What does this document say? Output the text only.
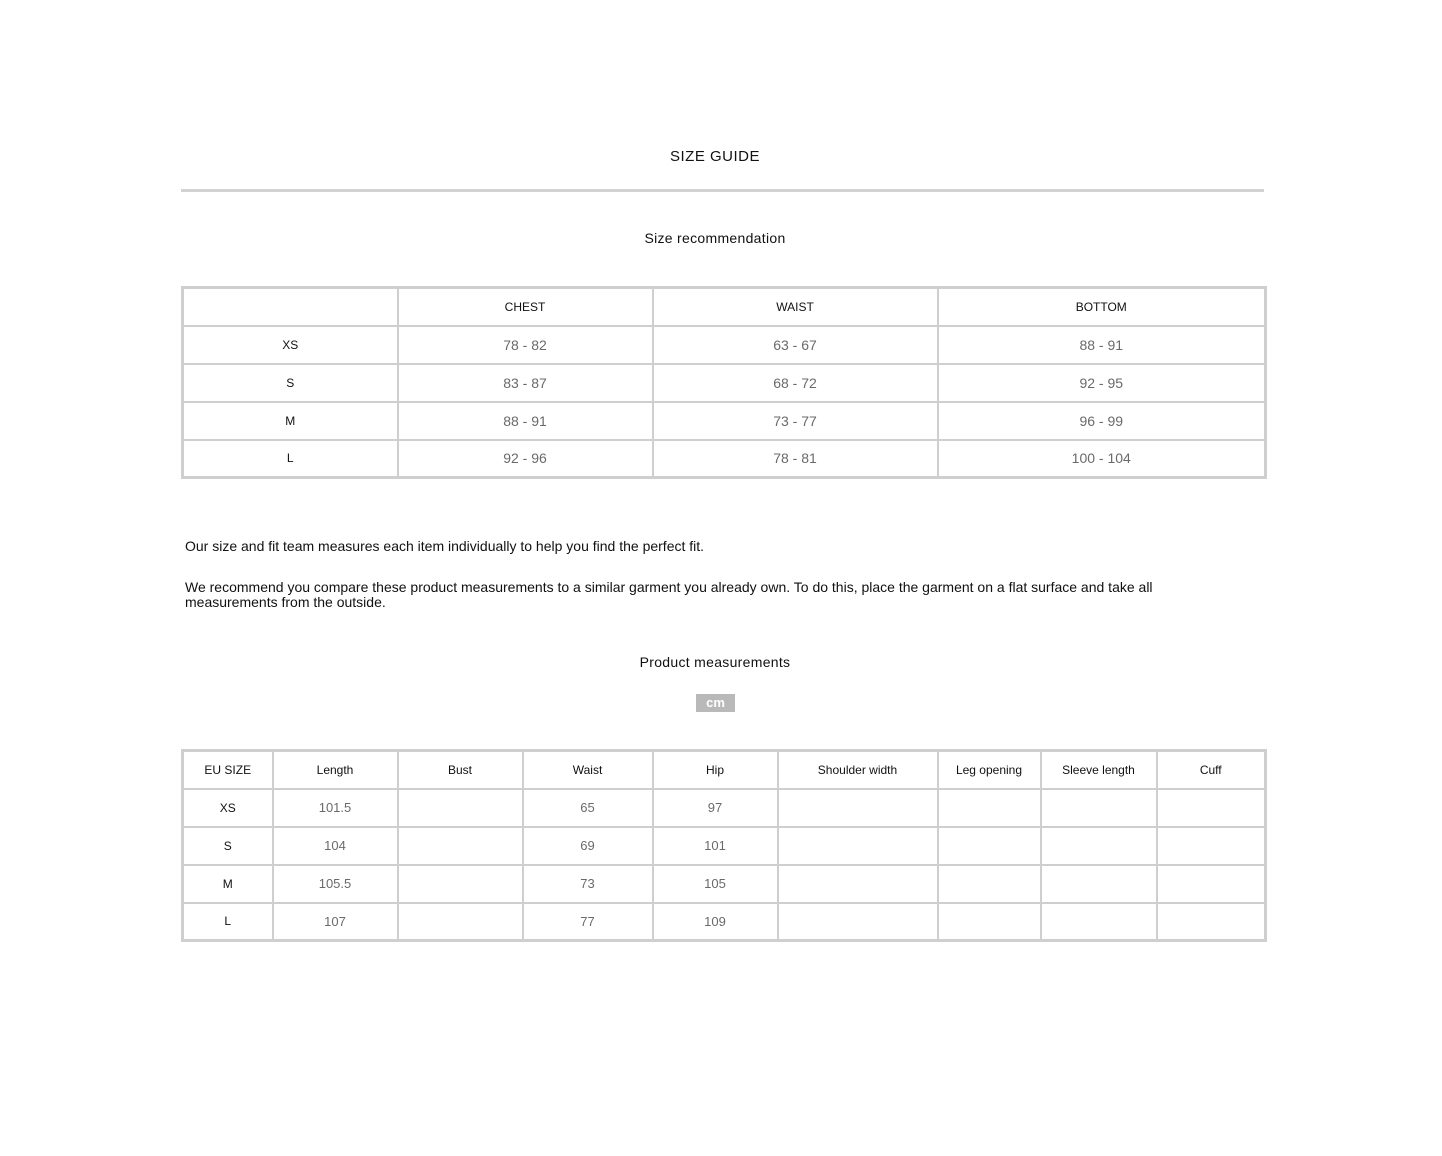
SIZE GUIDE
Size recommendation
	CHEST	WAIST	BOTTOM
XS	78 - 82	63 - 67	88 - 91
S	83 - 87	68 - 72	92 - 95
M	88 - 91	73 - 77	96 - 99
L	92 - 96	78 - 81	100 - 104
Our size and fit team measures each item individually to help you find the perfect fit.
We recommend you compare these product measurements to a similar garment you already own. To do this, place the garment on a flat surface and take all measurements from the outside.
Product measurements
cm
EU SIZE	Length	Bust	Waist	Hip	Shoulder width	Leg opening	Sleeve length	Cuff
XS	101.5		65	97				
S	104		69	101				
M	105.5		73	105				
L	107		77	109				
